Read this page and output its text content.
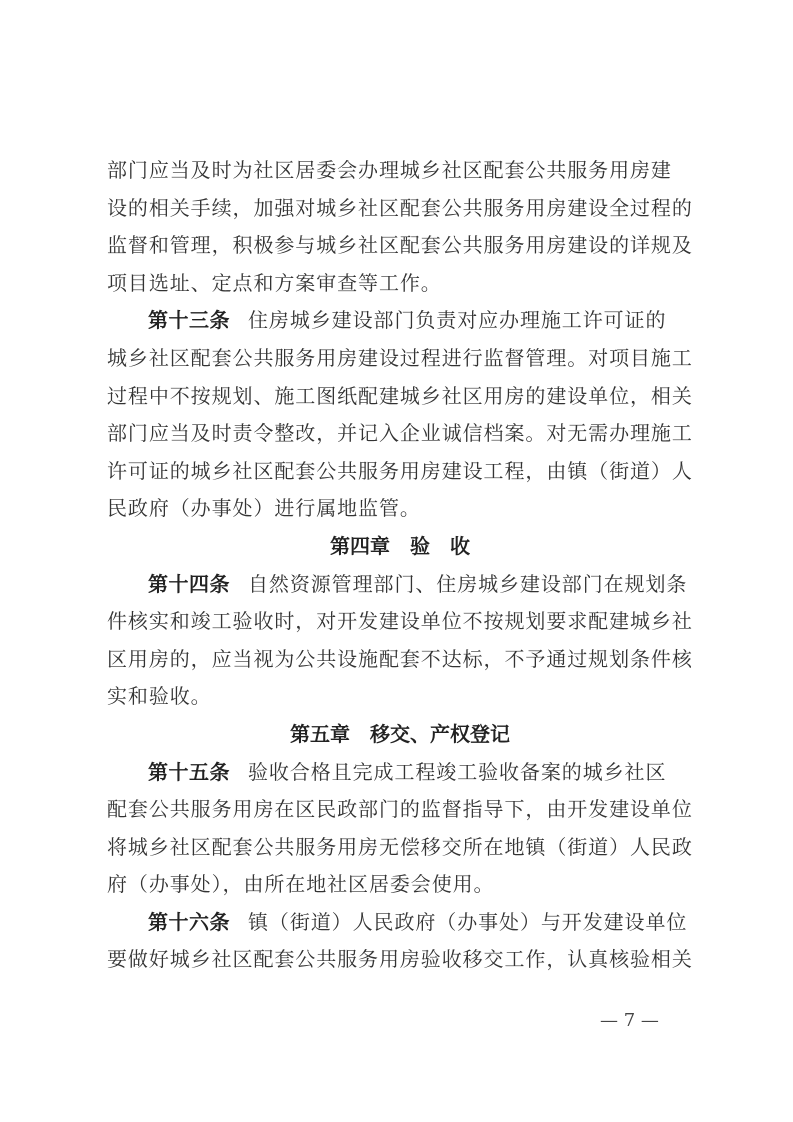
部门应当及时为社区居委会办理城乡社区配套公共服务用房建
设的相关手续，加强对城乡社区配套公共服务用房建设全过程的
监督和管理，积极参与城乡社区配套公共服务用房建设的详规及
项目选址、定点和方案审查等工作。
第十三条 住房城乡建设部门负责对应办理施工许可证的
城乡社区配套公共服务用房建设过程进行监督管理。对项目施工
过程中不按规划、施工图纸配建城乡社区用房的建设单位，相关
部门应当及时责令整改，并记入企业诚信档案。对无需办理施工
许可证的城乡社区配套公共服务用房建设工程，由镇（街道）人
民政府（办事处）进行属地监管。
第四章　验　收
第十四条 自然资源管理部门、住房城乡建设部门在规划条
件核实和竣工验收时，对开发建设单位不按规划要求配建城乡社
区用房的，应当视为公共设施配套不达标，不予通过规划条件核
实和验收。
第五章　移交、产权登记
第十五条 验收合格且完成工程竣工验收备案的城乡社区
配套公共服务用房在区民政部门的监督指导下，由开发建设单位
将城乡社区配套公共服务用房无偿移交所在地镇（街道）人民政
府（办事处），由所在地社区居委会使用。
第十六条 镇（街道）人民政府（办事处）与开发建设单位
要做好城乡社区配套公共服务用房验收移交工作，认真核验相关
— 7 —
